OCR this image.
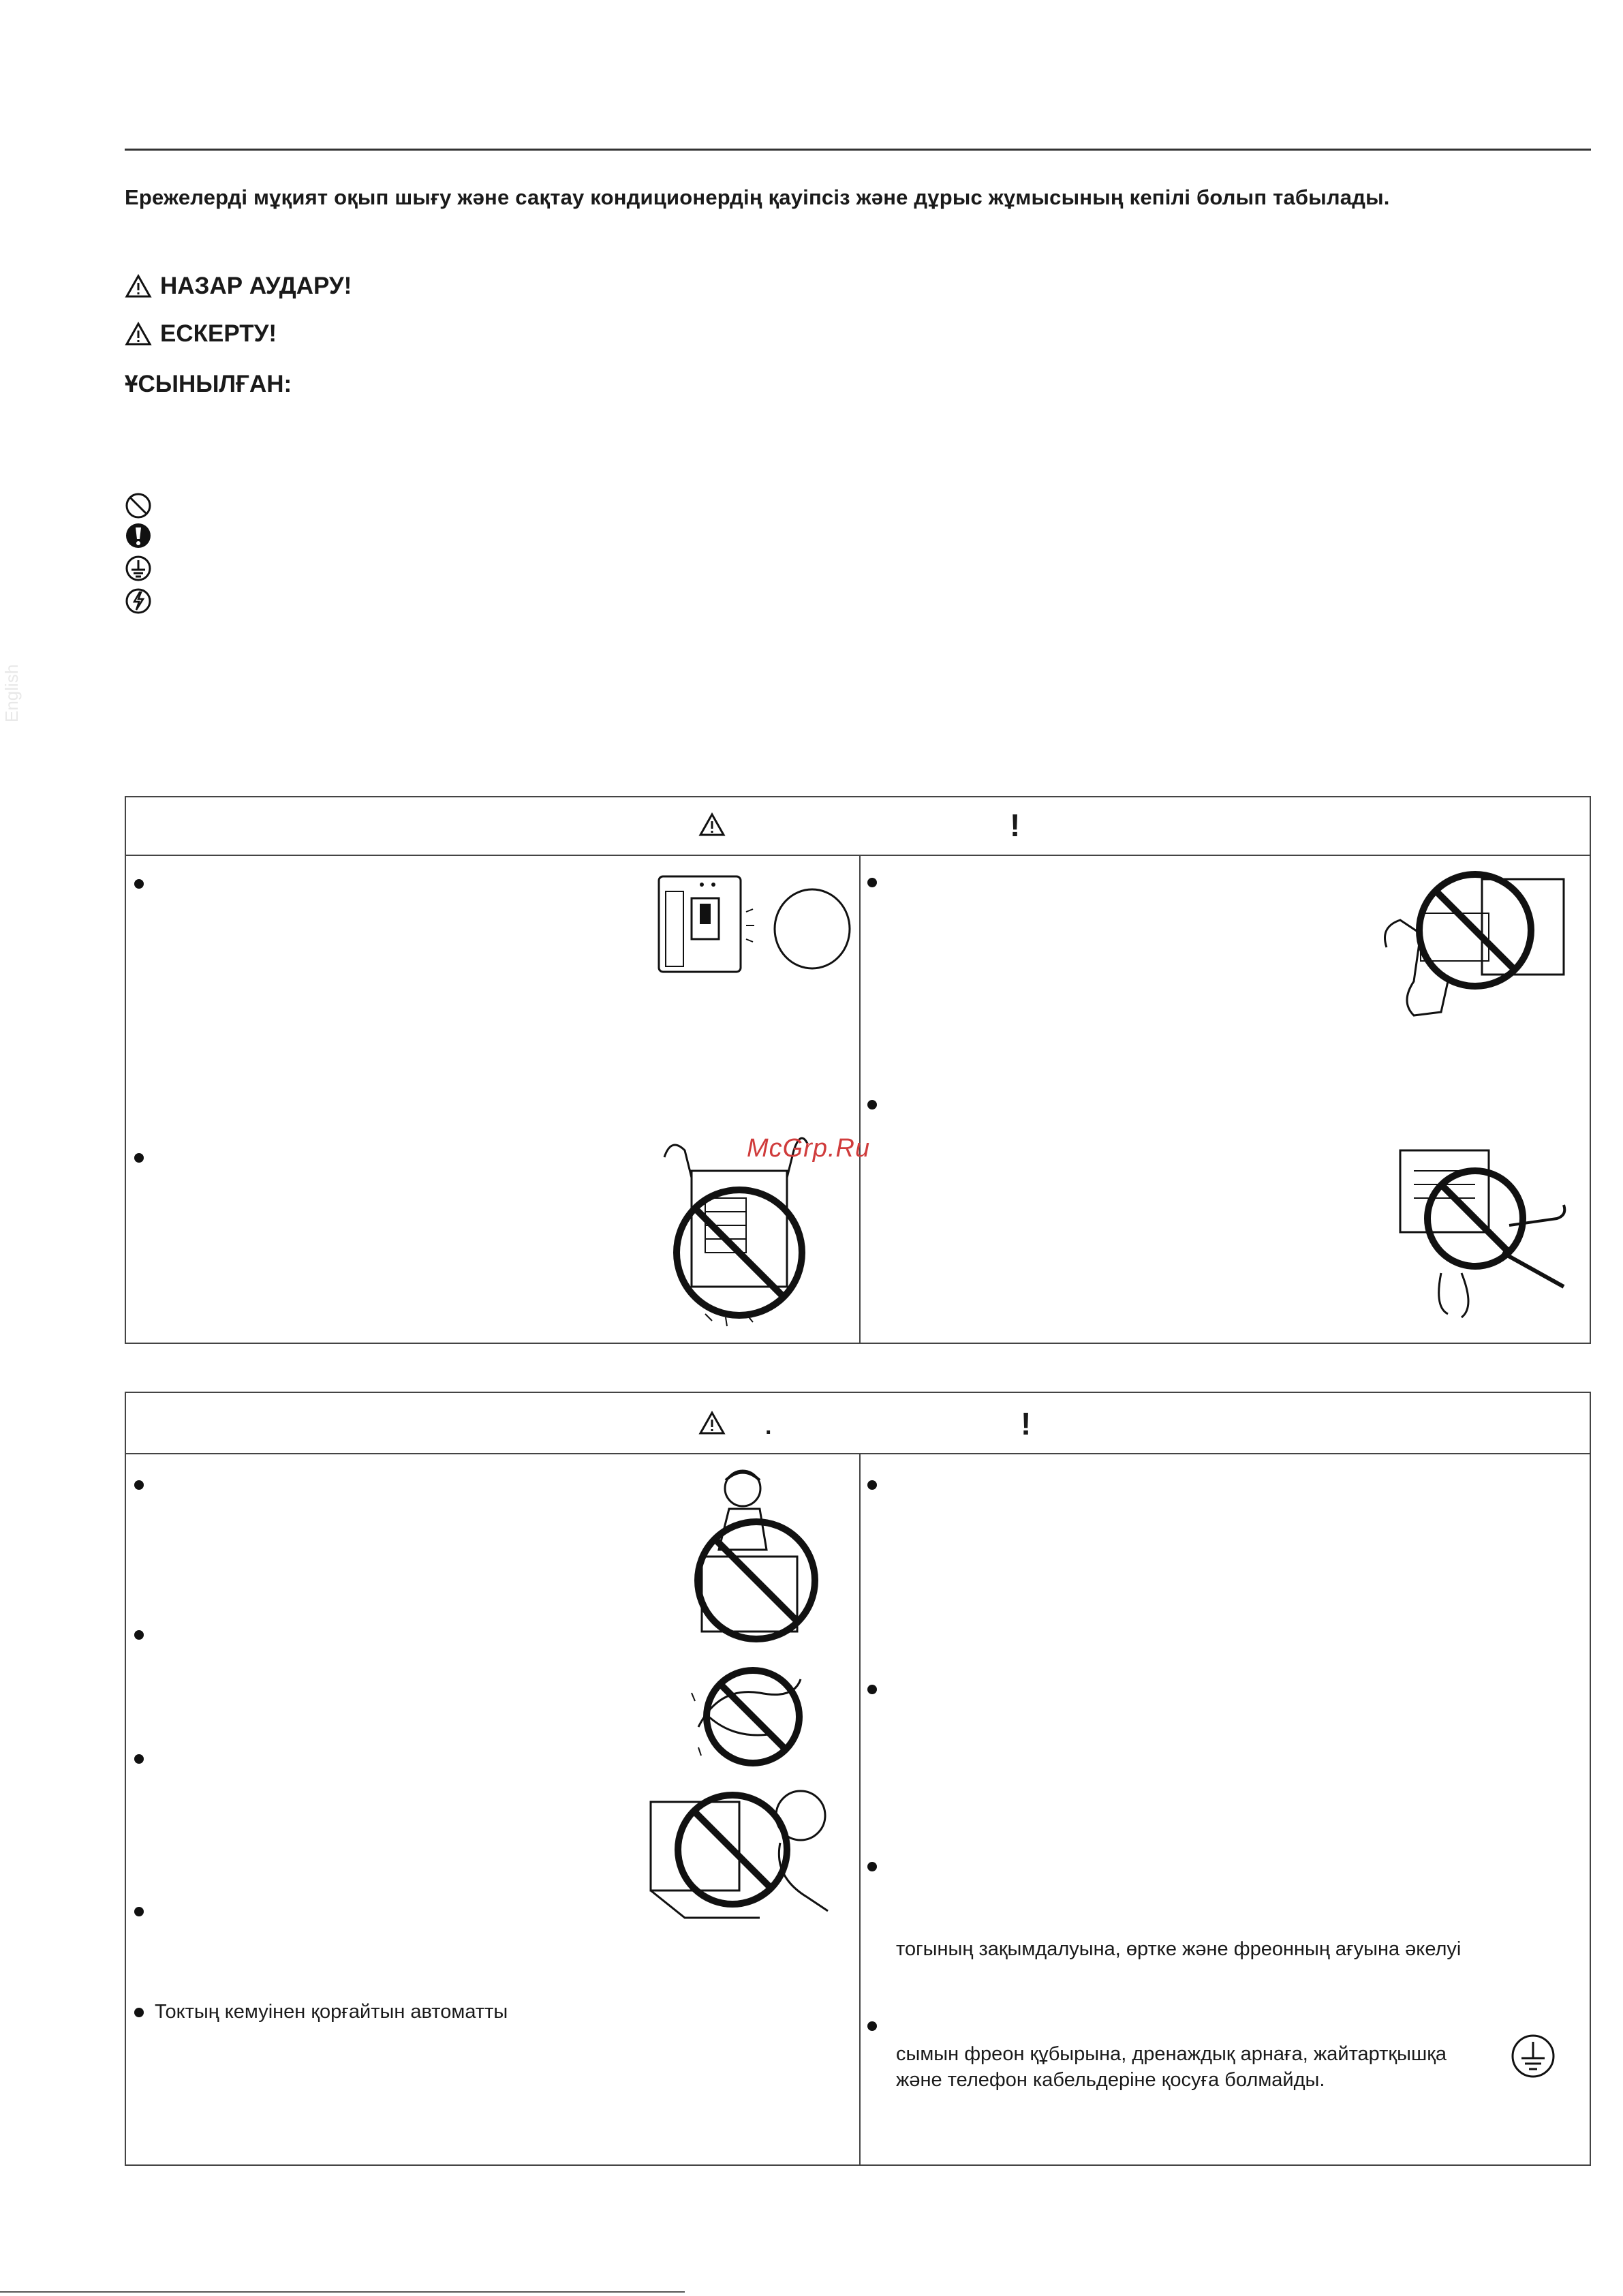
Ережелерді мұқият оқып шығу және сақтау кондиционердің қауіпсіз және дұрыс жұмысының кепілі болып табылады.
НАЗАР АУДАРУ!
ЕСКЕРТУ!
ҰСЫНЫЛҒАН:
English
!
McGrp.Ru
.	!
Токтың кемуінен қорғайтын автоматты
тогының зақымдалуына, өртке және фреонның ағуына әкелуі
сымын фреон құбырына, дренаждық арнаға, жайтартқышқа
және телефон кабельдеріне қосуға болмайды.
